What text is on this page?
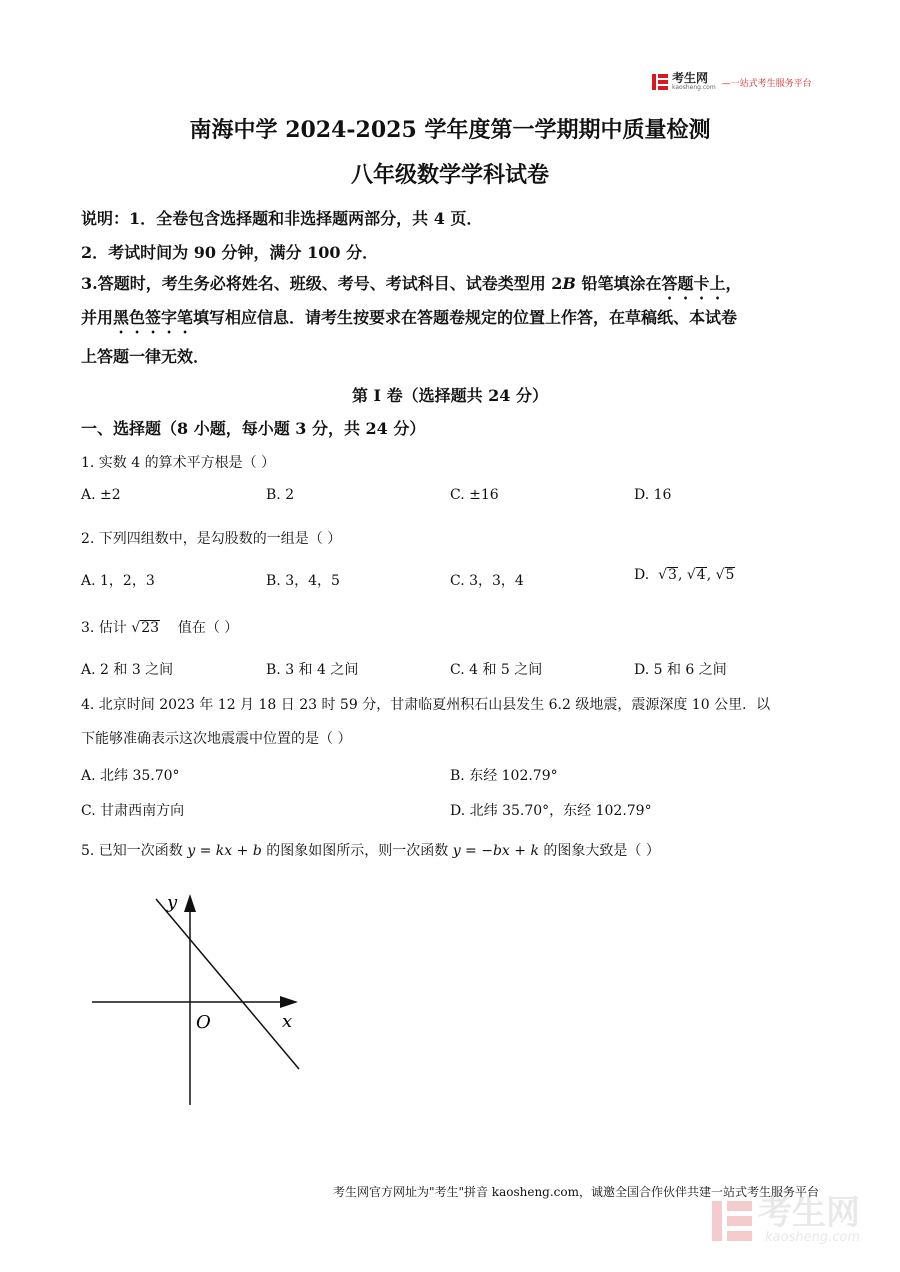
考生网
kaosheng.com —一站式考生服务平台
南海中学 2024-2025 学年度第一学期期中质量检测
八年级数学学科试卷
说明：1．全卷包含选择题和非选择题两部分，共 4 页．
2．考试时间为 90 分钟，满分 100 分．
3.答题时，考生务必将姓名、班级、考号、考试科目、试卷类型用 2B 铅笔填涂在答题卡上，
并用黑色签字笔填写相应信息．请考生按要求在答题卷规定的位置上作答，在草稿纸、本试卷
上答题一律无效．
第 I 卷（选择题共 24 分）
一、选择题（8 小题，每小题 3 分，共 24 分）
1. 实数 4 的算术平方根是（ ）
A. ±2	B. 2	C. ±16	D. 16
2. 下列四组数中，是勾股数的一组是（ ）
A. 1，2，3	B. 3，4，5	C. 3，3，4	D.  √3, √4, √5
3. 估计 √23 值在（ ）
A. 2 和 3 之间	B. 3 和 4 之间	C. 4 和 5 之间	D. 5 和 6 之间
4. 北京时间 2023 年 12 月 18 日 23 时 59 分，甘肃临夏州积石山县发生 6.2 级地震，震源深度 10 公里．以
下能够准确表示这次地震震中位置的是（ ）
A. 北纬 35.70°	B. 东经 102.79°
C. 甘肃西南方向	D. 北纬 35.70°，东经 102.79°
5. 已知一次函数 y = kx + b 的图象如图所示，则一次函数 y = −bx + k 的图象大致是（ ）
y
x
O
考生网官方网址为"考生"拼音 kaosheng.com，诚邀全国合作伙伴共建一站式考生服务平台
考生网
kaosheng.com
